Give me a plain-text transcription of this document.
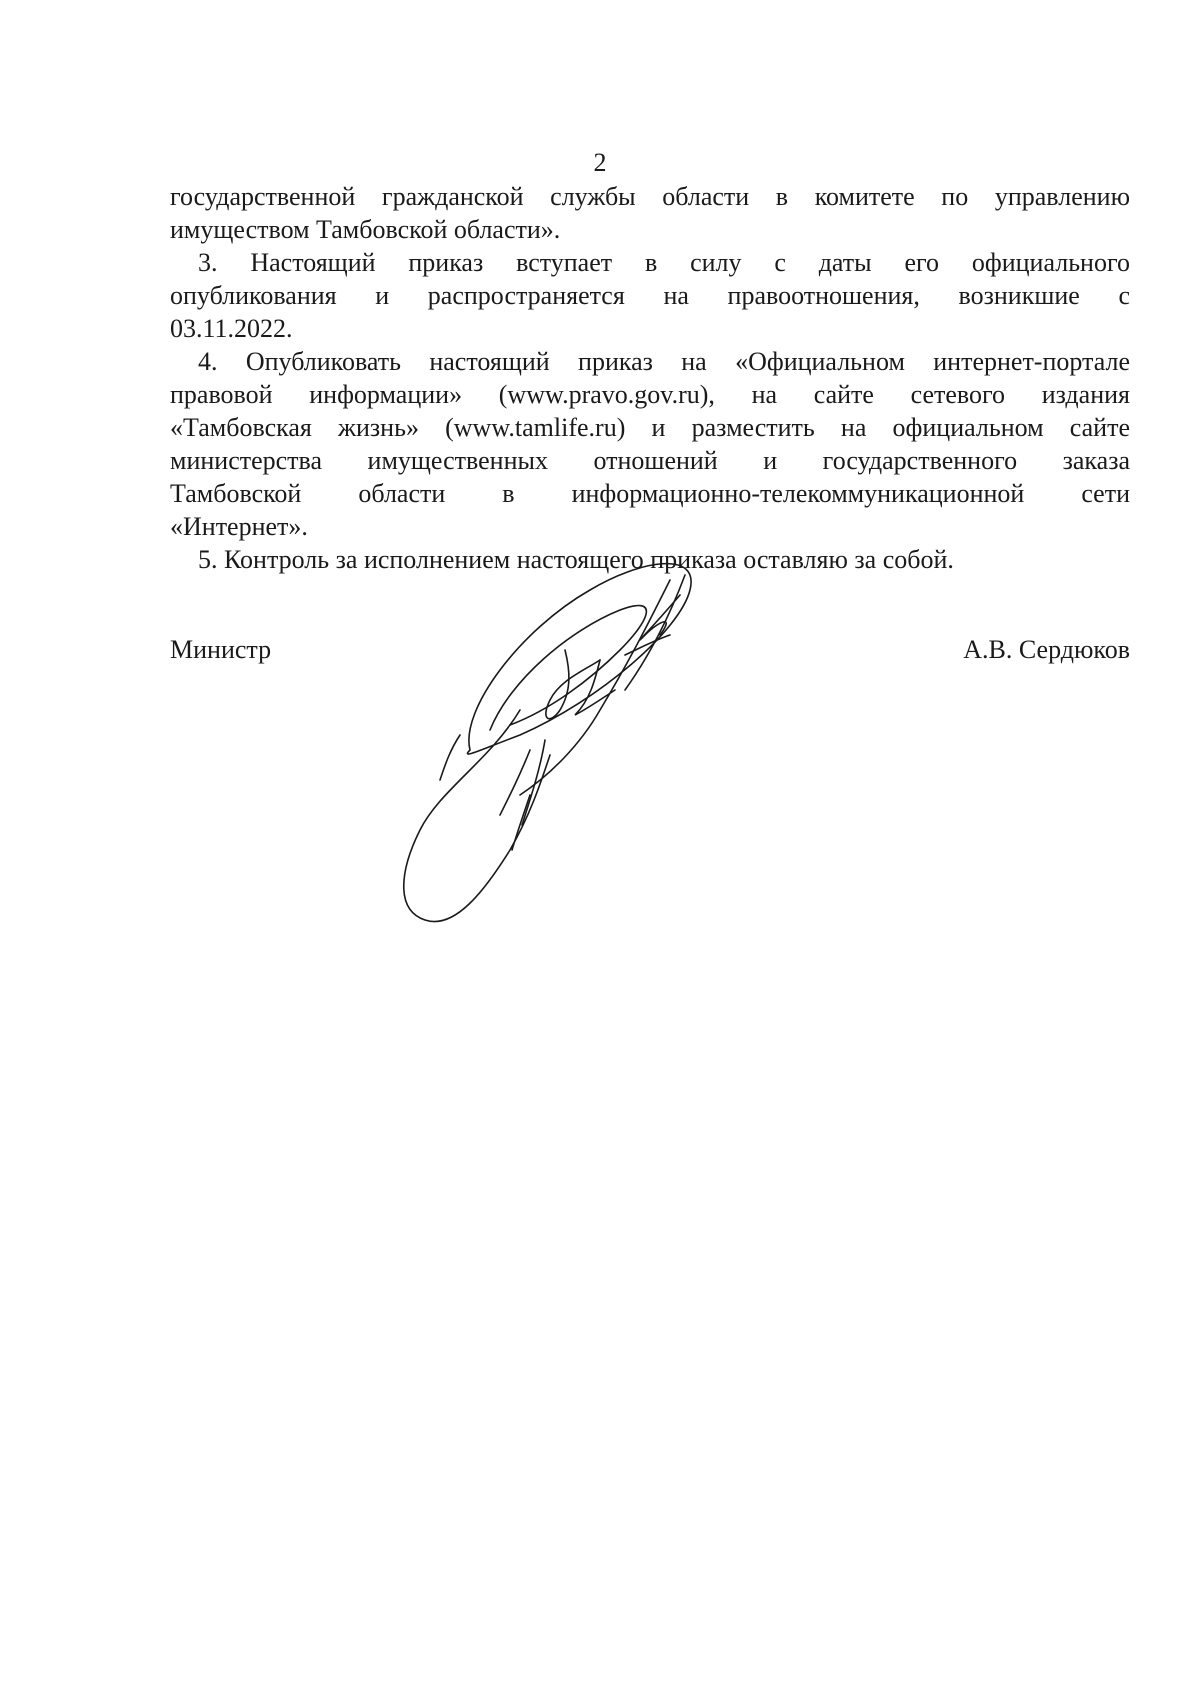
2
государственной гражданской службы области в комитете по управлению
имуществом Тамбовской области».
3. Настоящий приказ вступает в силу с даты его официального
опубликования и распространяется на правоотношения, возникшие с
03.11.2022.
4. Опубликовать настоящий приказ на «Официальном интернет-портале
правовой информации» (www.pravo.gov.ru), на сайте сетевого издания
«Тамбовская жизнь» (www.tamlife.ru) и разместить на официальном сайте
министерства имущественных отношений и государственного заказа
Тамбовской области в информационно-телекоммуникационной сети
«Интернет».
5. Контроль за исполнением настоящего приказа оставляю за собой.
Министр	А.В. Сердюков
